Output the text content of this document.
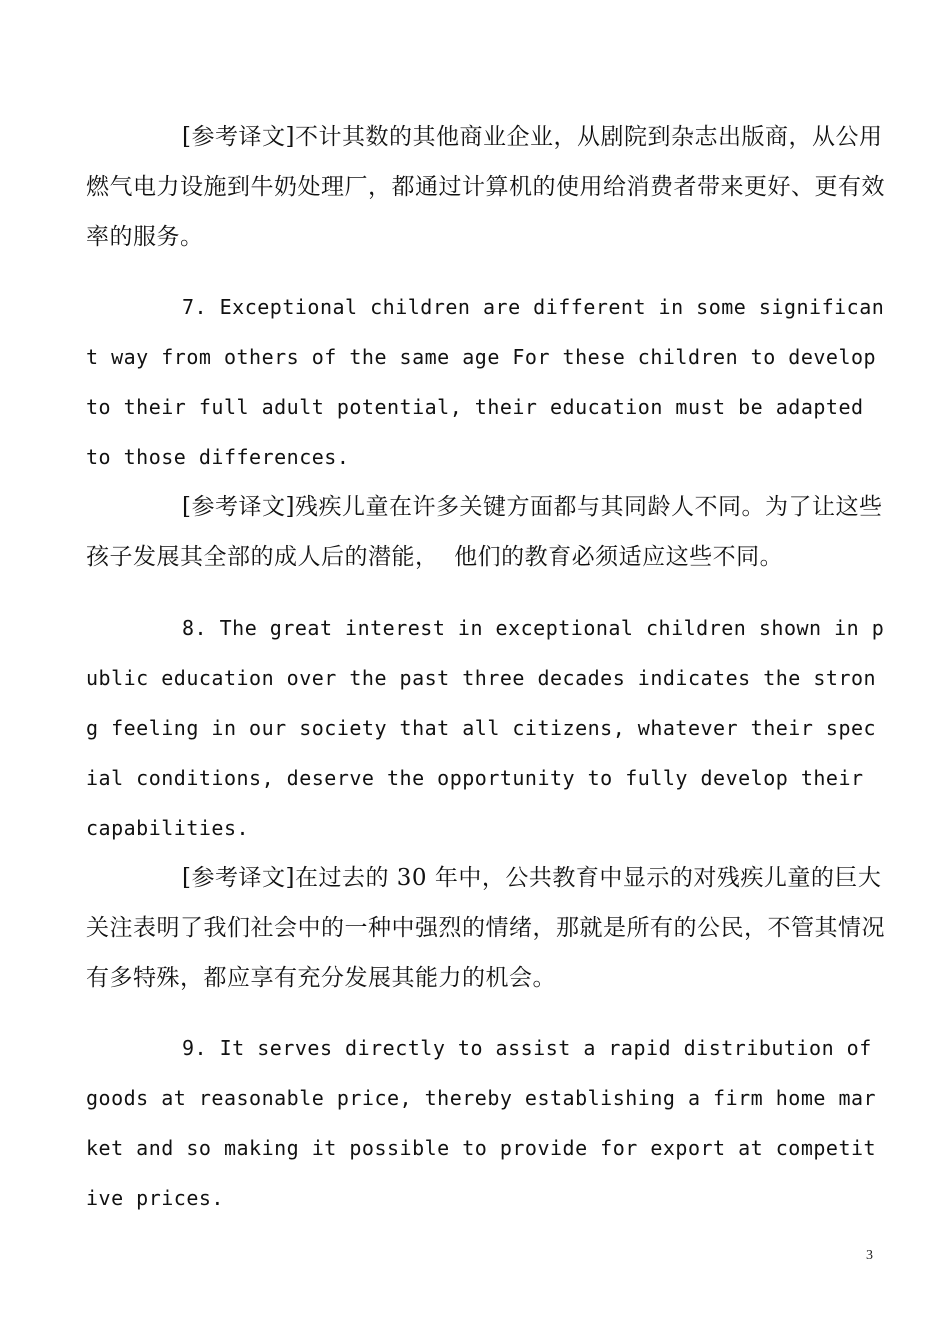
[参考译文]不计其数的其他商业企业，从剧院到杂志出版商，从公用燃气电力设施到牛奶处理厂，都通过计算机的使用给消费者带来更好、更有效率的服务。

7. Exceptional children are different in some significant way from others of the same age For these children to develop to their full adult potential, their education must be adapted to those differences.

[参考译文]残疾儿童在许多关键方面都与其同龄人不同。为了让这些孩子发展其全部的成人后的潜能，  他们的教育必须适应这些不同。

8. The great interest in exceptional children shown in public education over the past three decades indicates the strong feeling in our society that all citizens, whatever their special conditions, deserve the opportunity to fully develop their capabilities.

[参考译文]在过去的 30 年中，公共教育中显示的对残疾儿童的巨大关注表明了我们社会中的一种中强烈的情绪，那就是所有的公民，不管其情况有多特殊，都应享有充分发展其能力的机会。

9. It serves directly to assist a rapid distribution of goods at reasonable price, thereby establishing a firm home market and so making it possible to provide for export at competitive prices.

3
